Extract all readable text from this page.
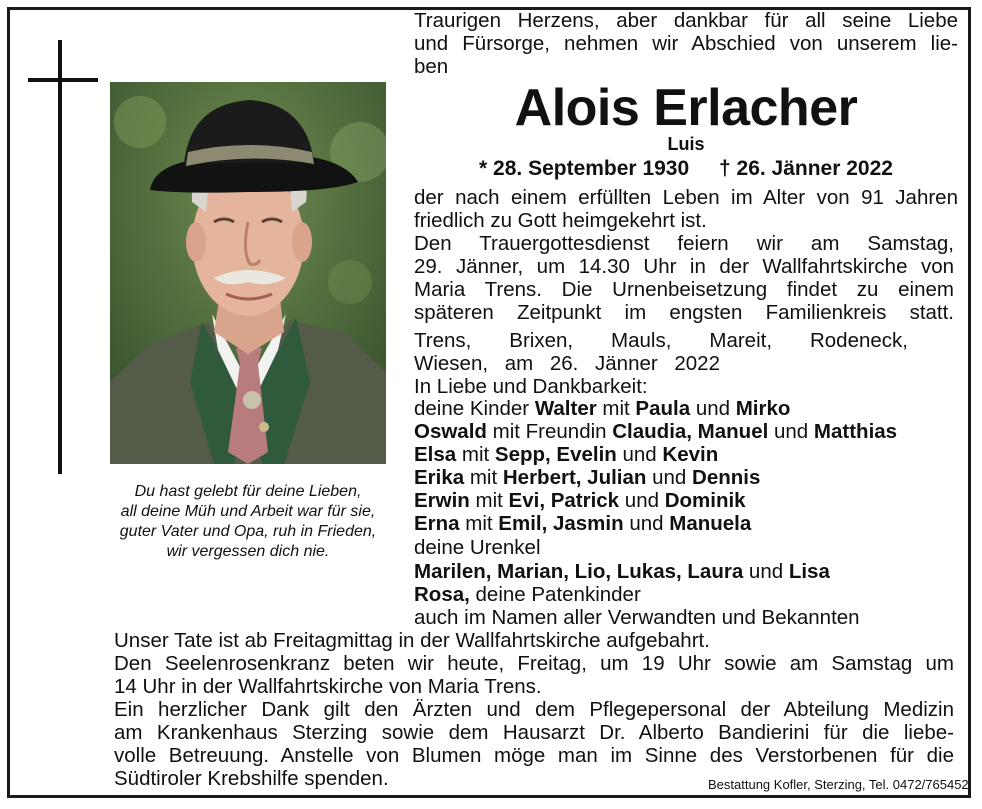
Du hast gelebt für deine Lieben,
all deine Müh und Arbeit war für sie,
guter Vater und Opa, ruh in Frieden,
wir vergessen dich nie.
Traurigen Herzens, aber dankbar für all seine Liebe
und Fürsorge, nehmen wir Abschied von unserem lie-
ben
Alois Erlacher
Luis
* 28. September 1930 † 26. Jänner 2022
der nach einem erfüllten Leben im Alter von 91 Jahren
friedlich zu Gott heimgekehrt ist.
Den Trauergottesdienst feiern wir am Samstag,
29. Jänner, um 14.30 Uhr in der Wallfahrtskirche von
Maria Trens. Die Urnenbeisetzung findet zu einem
späteren Zeitpunkt im engsten Familienkreis statt.
Trens, Brixen, Mauls, Mareit, Rodeneck,
Wiesen, am 26. Jänner 2022
In Liebe und Dankbarkeit:
deine Kinder Walter mit Paula und Mirko
Oswald mit Freundin Claudia, Manuel und Matthias
Elsa mit Sepp, Evelin und Kevin
Erika mit Herbert, Julian und Dennis
Erwin mit Evi, Patrick und Dominik
Erna mit Emil, Jasmin und Manuela
deine Urenkel
Marilen, Marian, Lio, Lukas, Laura und Lisa
Rosa, deine Patenkinder
auch im Namen aller Verwandten und Bekannten
Unser Tate ist ab Freitagmittag in der Wallfahrtskirche aufgebahrt.
Den Seelenrosenkranz beten wir heute, Freitag, um 19 Uhr sowie am Samstag um
14 Uhr in der Wallfahrtskirche von Maria Trens.
Ein herzlicher Dank gilt den Ärzten und dem Pflegepersonal der Abteilung Medizin
am Krankenhaus Sterzing sowie dem Hausarzt Dr. Alberto Bandierini für die liebe-
volle Betreuung. Anstelle von Blumen möge man im Sinne des Verstorbenen für die
Südtiroler Krebshilfe spenden.	Bestattung Kofler, Sterzing, Tel. 0472/765452
